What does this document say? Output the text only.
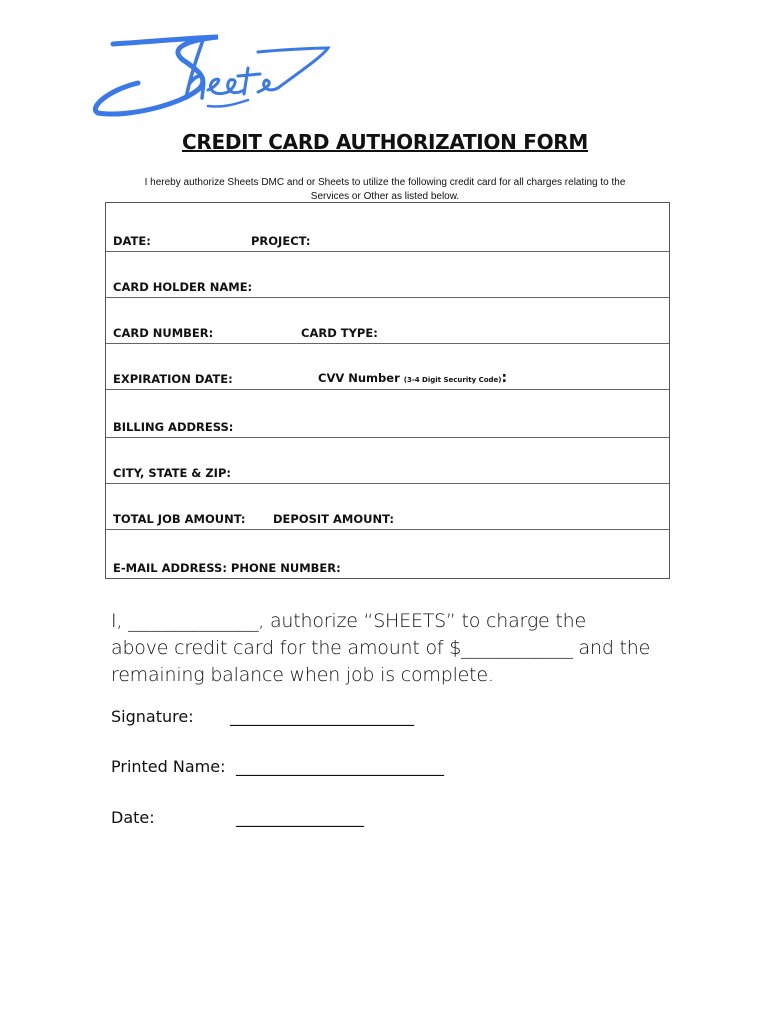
CREDIT CARD AUTHORIZATION FORM
I hereby authorize Sheets DMC and or Sheets to utilize the following credit card for all charges relating to the
Services or Other as listed below.
DATE:	PROJECT:
CARD HOLDER NAME:
CARD NUMBER:	CARD TYPE:
EXPIRATION DATE:	CVV Number (3-4 Digit Security Code):
BILLING ADDRESS:
CITY, STATE & ZIP:
TOTAL JOB AMOUNT: DEPOSIT AMOUNT:
E-MAIL ADDRESS: PHONE NUMBER:
I, ______________, authorize “SHEETS” to charge the
above credit card for the amount of $____________ and the
remaining balance when job is complete.
Signature: _______________________
Printed Name: __________________________
Date:	________________
